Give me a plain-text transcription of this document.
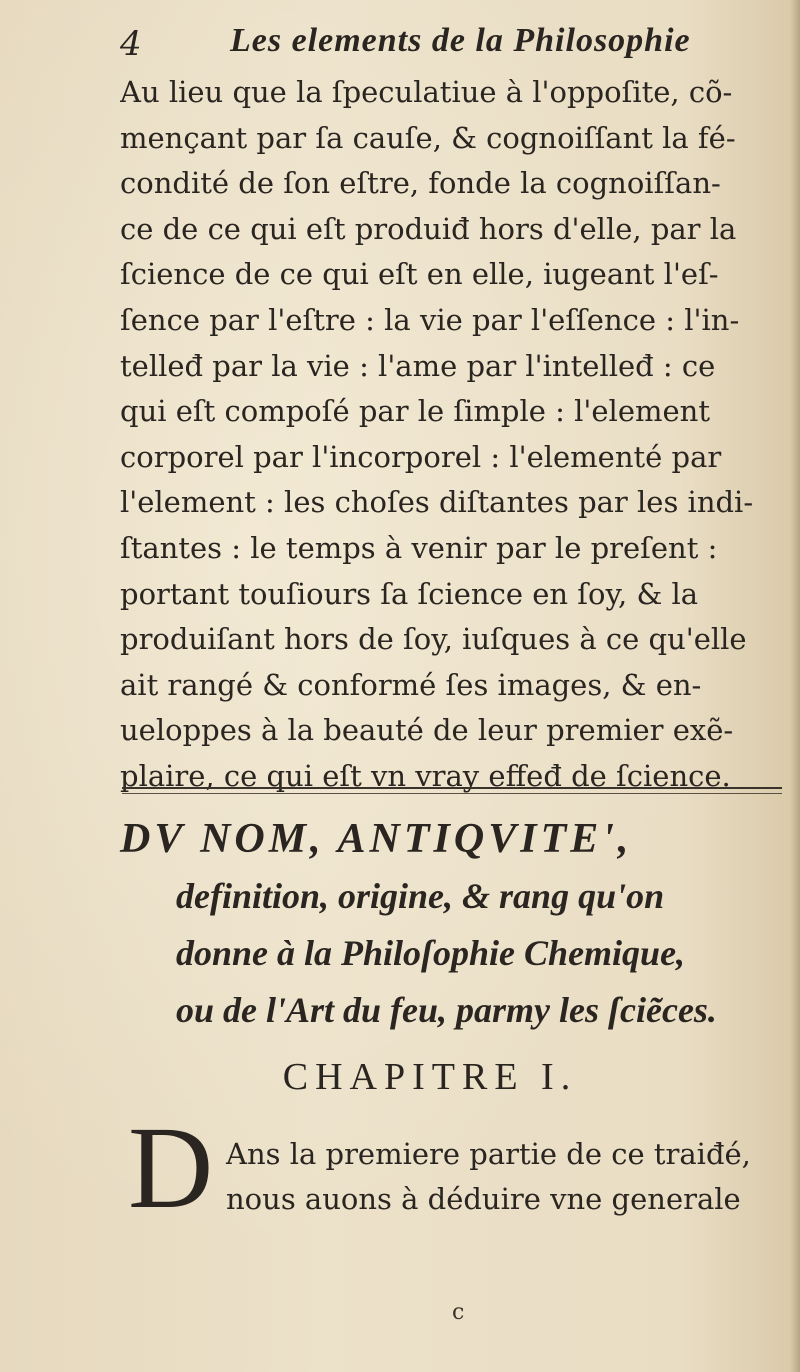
4	Les elements de la Philosophie
Au lieu que la ſpeculatiue à l'oppoſite, cõ-
mençant par ſa cauſe, & cognoiſſant la fé-
condité de ſon eſtre, fonde la cognoiſſan-
ce de ce qui eſt produiđ hors d'elle, par la
ſcience de ce qui eſt en elle, iugeant l'eſ-
ſence par l'eſtre : la vie par l'eſſence : l'in-
telleđ par la vie : l'ame par l'intelleđ : ce
qui eſt compoſé par le ſimple : l'element
corporel par l'incorporel : l'elementé par
l'element : les choſes diſtantes par les indi-
ſtantes : le temps à venir par le preſent :
portant touſiours ſa ſcience en ſoy, & la
produiſant hors de ſoy, iuſques à ce qu'elle
ait rangé & conformé ſes images, & en-
ueloppes à la beauté de leur premier exẽ-
plaire, ce qui eſt vn vray effeđ de ſcience.
DV NOM, ANTIQVITE',
definition, origine, & rang qu'on
donne à la Philoſophie Chemique,
ou de l'Art du feu, parmy les ſciẽces.
CHAPITRE I.
D Ans la premiere partie de ce traiđé,
nous auons à déduire vne generale
c
